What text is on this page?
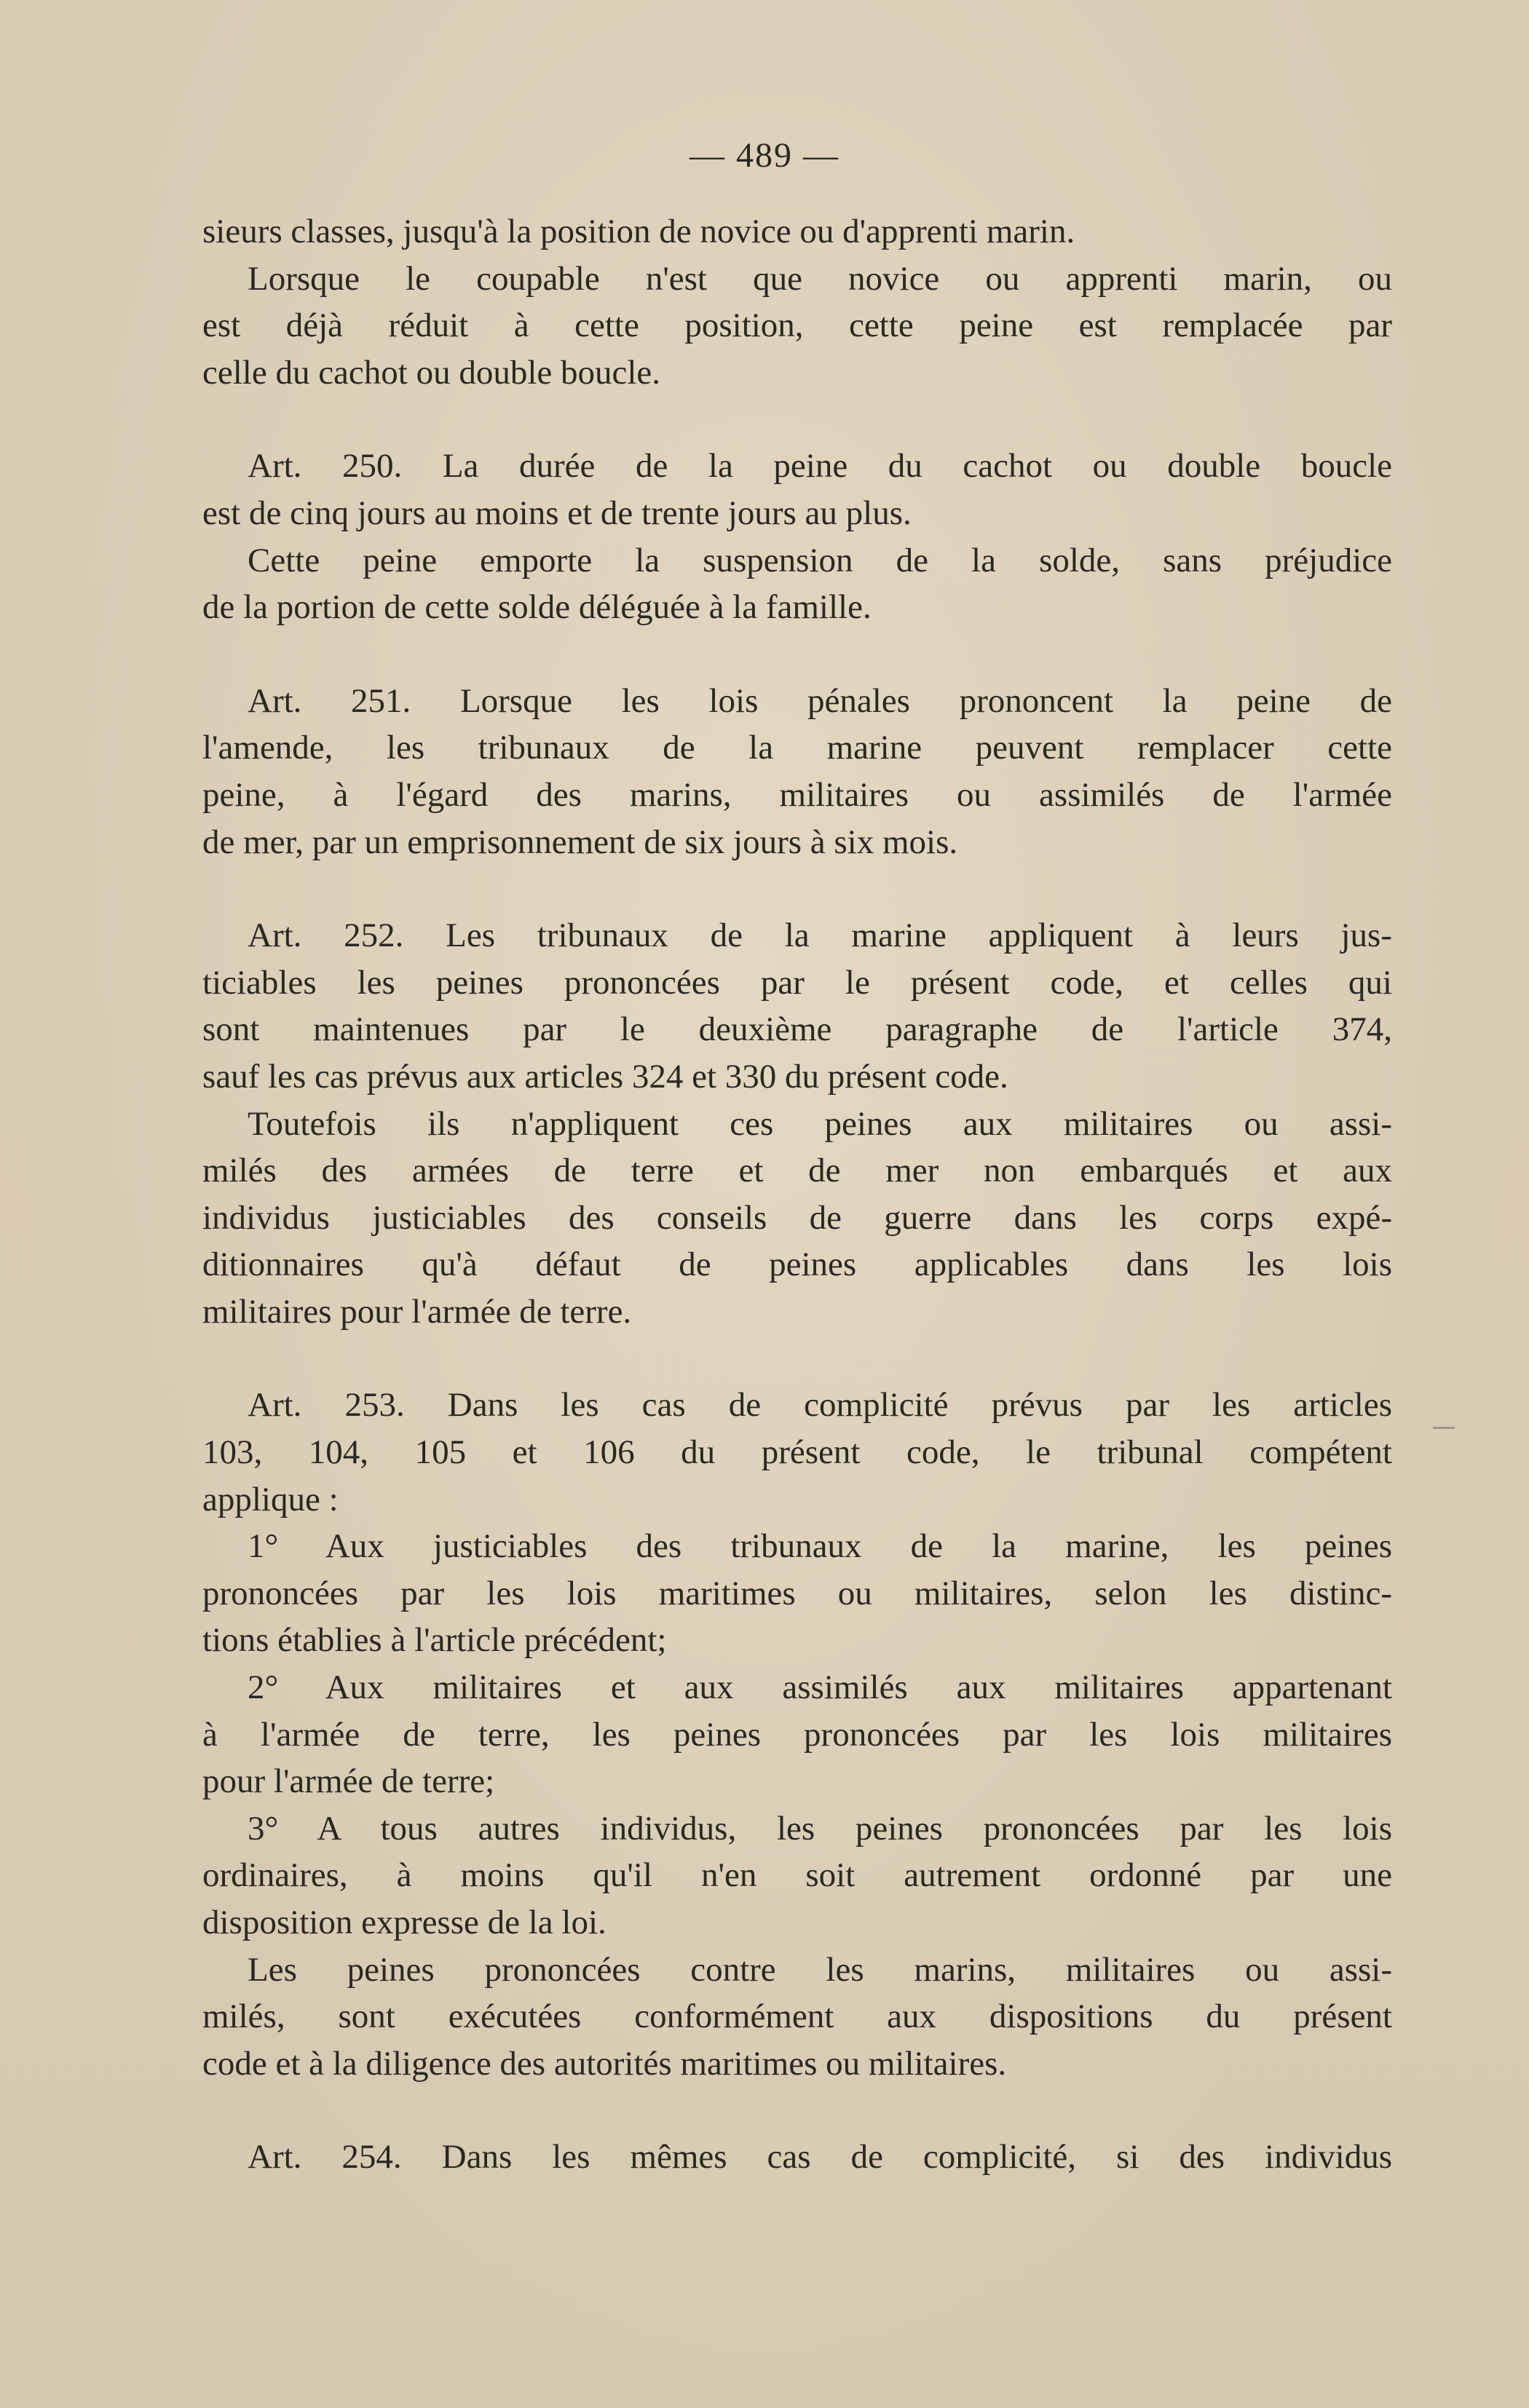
— 489 —
sieurs classes, jusqu'à la position de novice ou d'apprenti marin.
Lorsque le coupable n'est que novice ou apprenti marin, ou
est déjà réduit à cette position, cette peine est remplacée par
celle du cachot ou double boucle.
Art. 250. La durée de la peine du cachot ou double boucle
est de cinq jours au moins et de trente jours au plus.
Cette peine emporte la suspension de la solde, sans préjudice
de la portion de cette solde déléguée à la famille.
Art. 251. Lorsque les lois pénales prononcent la peine de
l'amende, les tribunaux de la marine peuvent remplacer cette
peine, à l'égard des marins, militaires ou assimilés de l'armée
de mer, par un emprisonnement de six jours à six mois.
Art. 252. Les tribunaux de la marine appliquent à leurs jus-
ticiables les peines prononcées par le présent code, et celles qui
sont maintenues par le deuxième paragraphe de l'article 374,
sauf les cas prévus aux articles 324 et 330 du présent code.
Toutefois ils n'appliquent ces peines aux militaires ou assi-
milés des armées de terre et de mer non embarqués et aux
individus justiciables des conseils de guerre dans les corps expé-
ditionnaires qu'à défaut de peines applicables dans les lois
militaires pour l'armée de terre.
Art. 253. Dans les cas de complicité prévus par les articles
103, 104, 105 et 106 du présent code, le tribunal compétent
applique :
1° Aux justiciables des tribunaux de la marine, les peines
prononcées par les lois maritimes ou militaires, selon les distinc-
tions établies à l'article précédent;
2° Aux militaires et aux assimilés aux militaires appartenant
à l'armée de terre, les peines prononcées par les lois militaires
pour l'armée de terre;
3° A tous autres individus, les peines prononcées par les lois
ordinaires, à moins qu'il n'en soit autrement ordonné par une
disposition expresse de la loi.
Les peines prononcées contre les marins, militaires ou assi-
milés, sont exécutées conformément aux dispositions du présent
code et à la diligence des autorités maritimes ou militaires.
Art. 254. Dans les mêmes cas de complicité, si des individus
